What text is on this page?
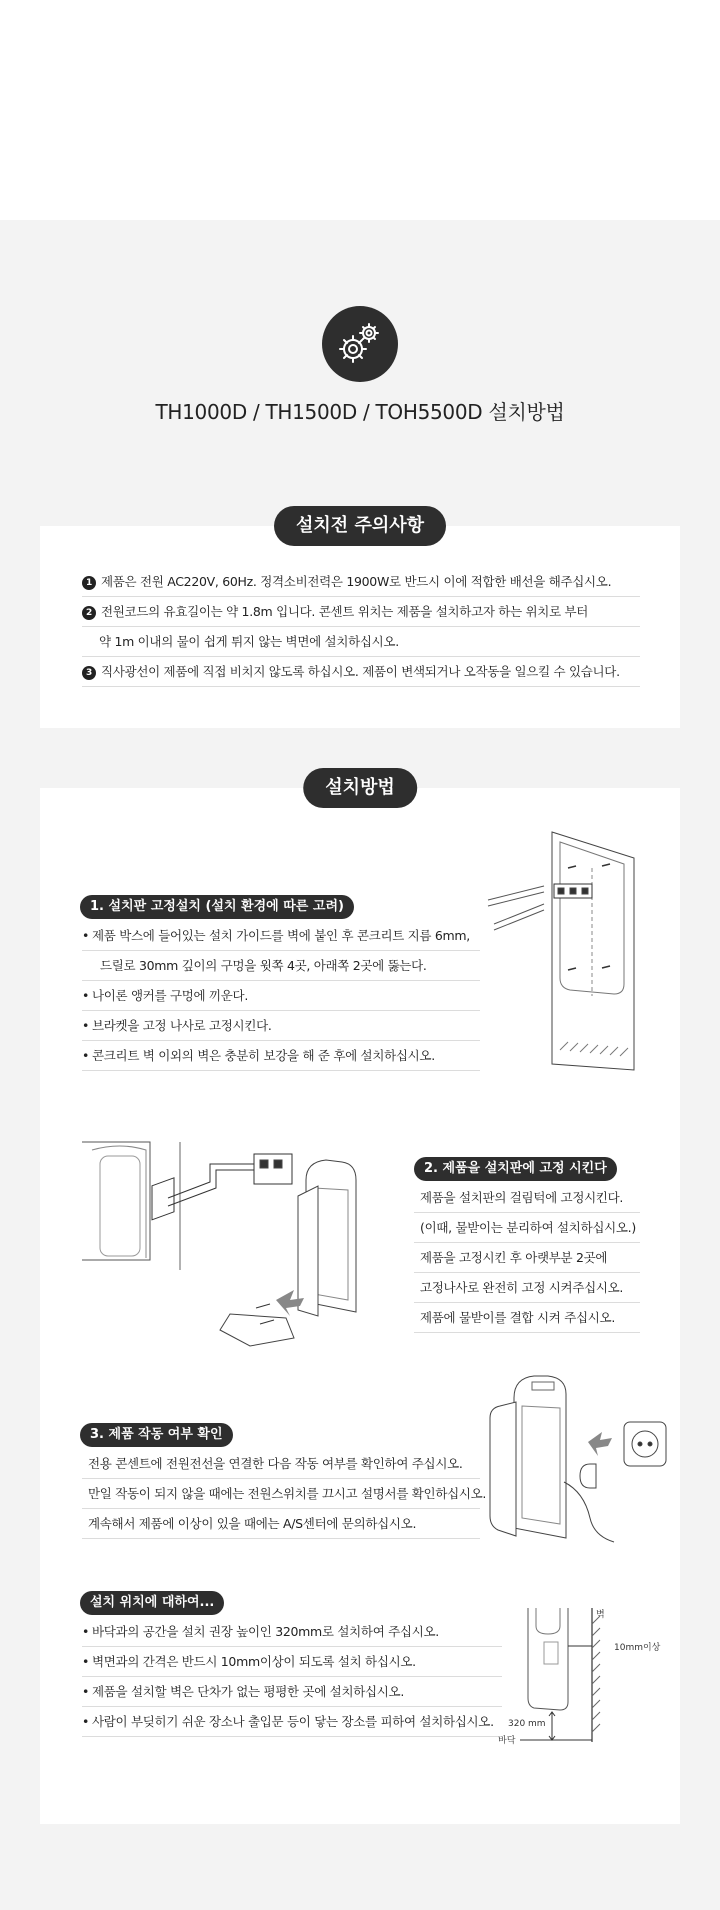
TH1000D / TH1500D / TOH5500D 설치방법
설치전 주의사항
1 제품은 전원 AC220V, 60Hz. 정격소비전력은 1900W로 반드시 이에 적합한 배선을 해주십시오.
2 전원코드의 유효길이는 약 1.8m 입니다. 콘센트 위치는 제품을 설치하고자 하는 위치로 부터
약 1m 이내의 물이 쉽게 튀지 않는 벽면에 설치하십시오.
3 직사광선이 제품에 직접 비치지 않도록 하십시오. 제품이 변색되거나 오작동을 일으킬 수 있습니다.
설치방법
1. 설치판 고정설치 (설치 환경에 따른 고려)
• 제품 박스에 들어있는 설치 가이드를 벽에 붙인 후 콘크리트 지름 6mm,
드릴로 30mm 깊이의 구멍을 윗쪽 4곳, 아래쪽 2곳에 뚫는다.
• 나이론 앵커를 구멍에 끼운다.
• 브라켓을 고정 나사로 고정시킨다.
• 콘크리트 벽 이외의 벽은 충분히 보강을 해 준 후에 설치하십시오.
2. 제품을 설치판에 고정 시킨다
제품을 설치판의 걸림턱에 고정시킨다.
(이때, 물받이는 분리하여 설치하십시오.)
제품을 고정시킨 후 아랫부분 2곳에
고정나사로 완전히 고정 시켜주십시오.
제품에 물받이를 결합 시켜 주십시오.
3. 제품 작동 여부 확인
전용 콘센트에 전원전선을 연결한 다음 작동 여부를 확인하여 주십시오.
만일 작동이 되지 않을 때에는 전원스위치를 끄시고 설명서를 확인하십시오.
계속해서 제품에 이상이 있을 때에는 A/S센터에 문의하십시오.
설치 위치에 대하여...
• 바닥과의 공간을 설치 권장 높이인 320mm로 설치하여 주십시오.
• 벽면과의 간격은 반드시 10mm이상이 되도록 설치 하십시오.
• 제품을 설치할 벽은 단차가 없는 평평한 곳에 설치하십시오.
• 사람이 부딪히기 쉬운 장소나 출입문 등이 닿는 장소를 피하여 설치하십시오.
벽
10mm이상
320 mm
바닥
